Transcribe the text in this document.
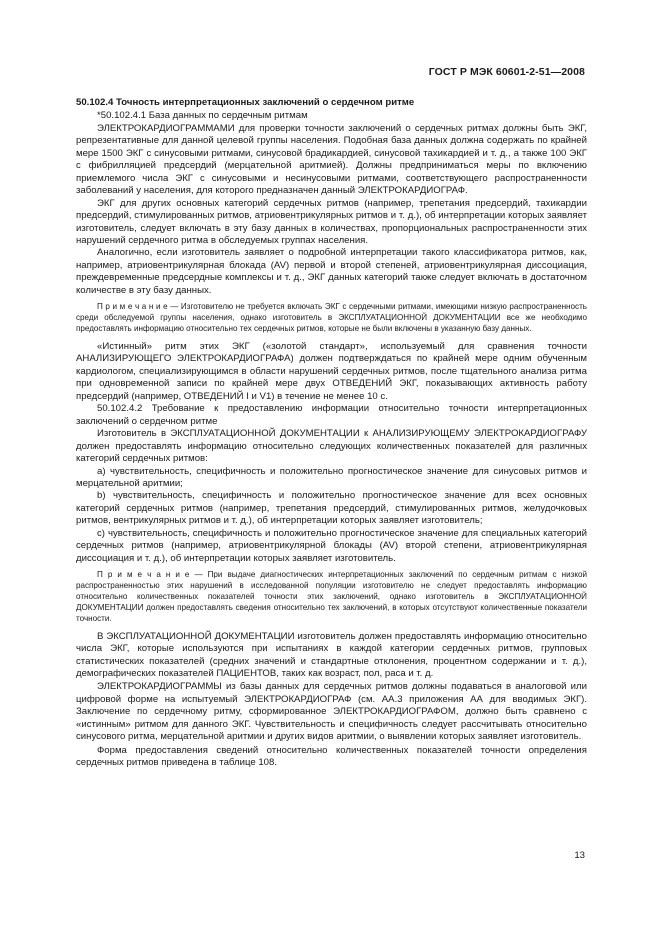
ГОСТ Р МЭК 60601-2-51—2008

50.102.4 Точность интерпретационных заключений о сердечном ритме

*50.102.4.1 База данных по сердечным ритмам

ЭЛЕКТРОКАРДИОГРАММАМИ для проверки точности заключений о сердечных ритмах должны быть ЭКГ, репрезентативные для данной целевой группы населения. Подобная база данных должна содержать по крайней мере 1500 ЭКГ с синусовыми ритмами, синусовой брадикардией, синусовой тахикардией и т. д., а также 100 ЭКГ с фибрилляцией предсердий (мерцательной аритмией). Должны предприниматься меры по включению приемлемого числа ЭКГ с синусовыми и несинусовыми ритмами, соответствующего распространенности заболеваний у населения, для которого предназначен данный ЭЛЕКТРОКАРДИОГРАФ.

ЭКГ для других основных категорий сердечных ритмов (например, трепетания предсердий, тахикардии предсердий, стимулированных ритмов, атриовентрикулярных ритмов и т. д.), об интерпретации которых заявляет изготовитель, следует включать в эту базу данных в количествах, пропорциональных распространенности этих нарушений сердечного ритма в обследуемых группах населения.

Аналогично, если изготовитель заявляет о подробной интерпретации такого классификатора ритмов, как, например, атриовентрикулярная блокада (AV) первой и второй степеней, атриовентрикулярная диссоциация, преждевременные предсердные комплексы и т. д., ЭКГ данных категорий также следует включать в достаточном количестве в эту базу данных.

П р и м е ч а н и е — Изготовителю не требуется включать ЭКГ с сердечными ритмами, имеющими низкую распространенность среди обследуемой группы населения, однако изготовитель в ЭКСПЛУАТАЦИОННОЙ ДОКУМЕНТАЦИИ все же необходимо предоставлять информацию относительно тех сердечных ритмов, которые не были включены в указанную базу данных.

«Истинный» ритм этих ЭКГ («золотой стандарт», используемый для сравнения точности АНАЛИЗИРУЮЩЕГО ЭЛЕКТРОКАРДИОГРАФА) должен подтверждаться по крайней мере одним обученным кардиологом, специализирующимся в области нарушений сердечных ритмов, после тщательного анализа ритма при одновременной записи по крайней мере двух ОТВЕДЕНИЙ ЭКГ, показывающих активность работу предсердий (например, ОТВЕДЕНИЙ I и V1) в течение не менее 10 с.

50.102.4.2 Требование к предоставлению информации относительно точности интерпретационных заключений о сердечном ритме

Изготовитель в ЭКСПЛУАТАЦИОННОЙ ДОКУМЕНТАЦИИ к АНАЛИЗИРУЮЩЕМУ ЭЛЕКТРОКАРДИОГРАФУ должен предоставлять информацию относительно следующих количественных показателей для различных категорий сердечных ритмов:

а) чувствительность, специфичность и положительно прогностическое значение для синусовых ритмов и мерцательной аритмии;

b) чувствительность, специфичность и положительно прогностическое значение для всех основных категорий сердечных ритмов (например, трепетания предсердий, стимулированных ритмов, желудочковых ритмов, вентрикулярных ритмов и т. д.), об интерпретации которых заявляет изготовитель;

с) чувствительность, специфичность и положительно прогностическое значение для специальных категорий сердечных ритмов (например, атриовентрикулярной блокады (AV) второй степени, атриовентрикулярная диссоциация и т. д.), об интерпретации которых заявляет изготовитель.

П р и м е ч а н и е — При выдаче диагностических интерпретационных заключений по сердечным ритмам с низкой распространенностью этих нарушений в исследованной популяции изготовителю не следует предоставлять информацию относительно количественных показателей точности этих заключений, однако изготовитель в ЭКСПЛУАТАЦИОННОЙ ДОКУМЕНТАЦИИ должен предоставлять сведения относительно тех заключений, в которых отсутствуют количественные показатели точности.

В ЭКСПЛУАТАЦИОННОЙ ДОКУМЕНТАЦИИ изготовитель должен предоставлять информацию относительно числа ЭКГ, которые используются при испытаниях в каждой категории сердечных ритмов, групповых статистических показателей (средних значений и стандартные отклонения, процентном содержании и т. д.), демографических показателей ПАЦИЕНТОВ, таких как возраст, пол, раса и т. д.

ЭЛЕКТРОКАРДИОГРАММЫ из базы данных для сердечных ритмов должны подаваться в аналоговой или цифровой форме на испытуемый ЭЛЕКТРОКАРДИОГРАФ (см. АА.3 приложения АА для вводимых ЭКГ). Заключение по сердечному ритму, сформированное ЭЛЕКТРОКАРДИОГРАФОМ, должно быть сравнено с «истинным» ритмом для данного ЭКГ. Чувствительность и специфичность следует рассчитывать относительно синусового ритма, мерцательной аритмии и других видов аритмии, о выявлении которых заявляет изготовитель.

Форма предоставления сведений относительно количественных показателей точности определения сердечных ритмов приведена в таблице 108.

13
